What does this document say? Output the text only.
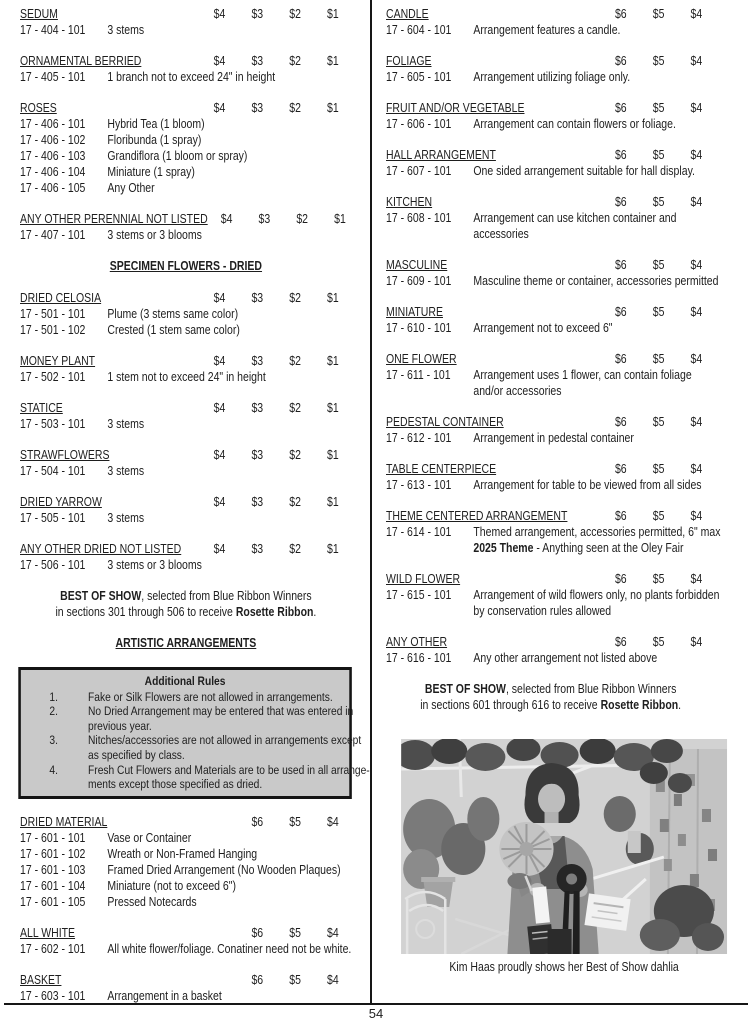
SEDUM	$4	$3	$2	$1
17 - 404 - 101	3 stems
ORNAMENTAL BERRIED	$4	$3	$2	$1
17 - 405 - 101	1 branch not to exceed 24" in height
ROSES	$4	$3	$2	$1
17 - 406 - 101	Hybrid Tea (1 bloom)
17 - 406 - 102	Floribunda (1 spray)
17 - 406 - 103	Grandiflora (1 bloom or spray)
17 - 406 - 104	Miniature (1 spray)
17 - 406 - 105	Any Other
ANY OTHER PERENNIAL NOT LISTED	$4	$3	$2	$1
17 - 407 - 101	3 stems or 3 blooms
SPECIMEN FLOWERS - DRIED
DRIED CELOSIA	$4	$3	$2	$1
17 - 501 - 101	Plume (3 stems same color)
17 - 501 - 102	Crested (1 stem same color)
MONEY PLANT	$4	$3	$2	$1
17 - 502 - 101	1 stem not to exceed 24" in height
STATICE	$4	$3	$2	$1
17 - 503 - 101	3 stems
STRAWFLOWERS	$4	$3	$2	$1
17 - 504 - 101	3 stems
DRIED YARROW	$4	$3	$2	$1
17 - 505 - 101	3 stems
ANY OTHER DRIED NOT LISTED	$4	$3	$2	$1
17 - 506 - 101	3 stems or 3 blooms
BEST OF SHOW, selected from Blue Ribbon Winners
in sections 301 through 506 to receive Rosette Ribbon.
ARTISTIC ARRANGEMENTS
Additional Rules
1.	Fake or Silk Flowers are not allowed in arrangements.
2.	No Dried Arrangement may be entered that was entered in
previous year.
3.	Nitches/accessories are not allowed in arrangements except
as specified by class.
4.	Fresh Cut Flowers and Materials are to be used in all arrange-
ments except those specified as dried.
DRIED MATERIAL	$6	$5	$4
17 - 601 - 101	Vase or Container
17 - 601 - 102	Wreath or Non-Framed Hanging
17 - 601 - 103	Framed Dried Arrangement (No Wooden Plaques)
17 - 601 - 104	Miniature (not to exceed 6")
17 - 601 - 105	Pressed Notecards
ALL WHITE	$6	$5	$4
17 - 602 - 101	All white flower/foliage. Conatiner need not be white.
BASKET	$6	$5	$4
17 - 603 - 101	Arrangement in a basket
CANDLE	$6	$5	$4
17 - 604 - 101	Arrangement features a candle.
FOLIAGE	$6	$5	$4
17 - 605 - 101	Arrangement utilizing foliage only.
FRUIT AND/OR VEGETABLE	$6	$5	$4
17 - 606 - 101	Arrangement can contain flowers or foliage.
HALL ARRANGEMENT	$6	$5	$4
17 - 607 - 101	One sided arrangement suitable for hall display.
KITCHEN	$6	$5	$4
17 - 608 - 101	Arrangement can use kitchen container and
accessories
MASCULINE	$6	$5	$4
17 - 609 - 101	Masculine theme or container, accessories permitted
MINIATURE	$6	$5	$4
17 - 610 - 101	Arrangement not to exceed 6"
ONE FLOWER	$6	$5	$4
17 - 611 - 101	Arrangement uses 1 flower, can contain foliage
and/or accessories
PEDESTAL CONTAINER	$6	$5	$4
17 - 612 - 101	Arrangement in pedestal container
TABLE CENTERPIECE	$6	$5	$4
17 - 613 - 101	Arrangement for table to be viewed from all sides
THEME CENTERED ARRANGEMENT	$6	$5	$4
17 - 614 - 101	Themed arrangement, accessories permitted, 6" max
2025 Theme - Anything seen at the Oley Fair
WILD FLOWER	$6	$5	$4
17 - 615 - 101	Arrangement of wild flowers only, no plants forbidden
by conservation rules allowed
ANY OTHER	$6	$5	$4
17 - 616 - 101	Any other arrangement not listed above
BEST OF SHOW, selected from Blue Ribbon Winners
in sections 601 through 616 to receive Rosette Ribbon.
Kim Haas proudly shows her Best of Show dahlia
54
